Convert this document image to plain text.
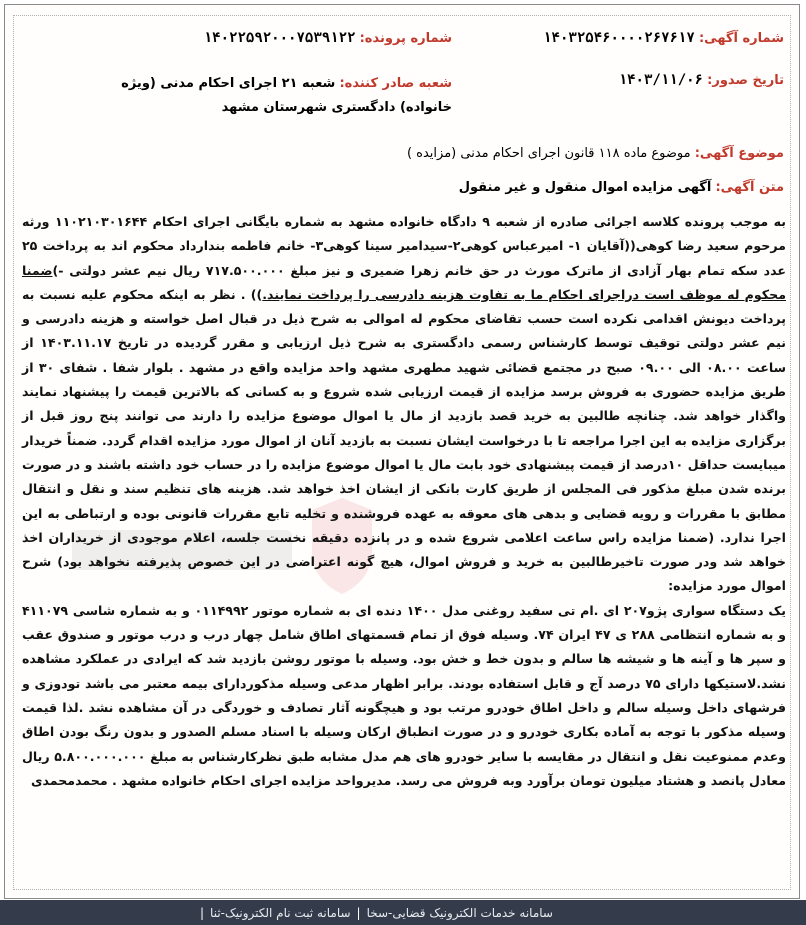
شماره آگهی: ۱۴۰۳۲۵۴۶۰۰۰۰۲۶۷۶۱۷
شماره پرونده: ۱۴۰۲۲۵۹۲۰۰۰۷۵۳۹۱۲۲
تاریخ صدور: ۱۴۰۳/۱۱/۰۶
شعبه صادر کننده: شعبه ۲۱ اجرای احکام مدنی (ویژه خانواده) دادگستری شهرستان مشهد
موضوع آگهی: موضوع ماده ۱۱۸ قانون اجرای احکام مدنی (مزایده )
متن آگهی: آگهی مزایده اموال منقول و غیر منقول

به موجب پرونده کلاسه اجرائی صادره از شعبه ۹ دادگاه خانواده مشهد به شماره بایگانی اجرای احکام ۱۱۰۲۱۰۳۰۱۶۴۴ ورثه مرحوم سعید رضا کوهی((آقایان ۱- امیرعباس کوهی۲-سیدامیر سینا کوهی۳- خانم فاطمه بندارداد محکوم اند به پرداخت ۲۵ عدد سکه تمام بهار آزادی از ماترک مورث در حق خانم زهرا ضمیری و نیز مبلغ ۷۱۷.۵۰۰.۰۰۰ ریال نیم عشر دولتی -)ضمنا محکوم له موظف است دراجرای احکام ما به تفاوت هزینه دادرسی را پرداخت نمایند.)) . نظر به اینکه محکوم علیه نسبت به پرداخت دیونش اقدامی نکرده است حسب تقاضای محکوم له اموالی به شرح ذیل در قبال اصل خواسته و هزینه دادرسی و نیم عشر دولتی توقیف توسط کارشناس رسمی دادگستری به شرح ذیل ارزیابی و مقرر گردیده در تاریخ ۱۴۰۳.۱۱.۱۷ از ساعت ۰۸.۰۰ الی ۰۹.۰۰ صبح در مجتمع قضائی شهید مطهری مشهد واحد مزایده واقع در مشهد . بلوار شفا . شفای ۳۰ از طریق مزایده حضوری به فروش برسد مزایده از قیمت ارزیابی شده شروع و به کسانی که بالاترین قیمت را پیشنهاد نمایند واگذار خواهد شد. چنانچه طالبین به خرید قصد بازدید از مال یا اموال موضوع مزایده را دارند می توانند پنج روز قبل از برگزاری مزایده به این اجرا مراجعه تا با درخواست ایشان نسبت به بازدید آنان از اموال مورد مزایده اقدام گردد. ضمناً خریدار میبایست حداقل ۱۰درصد از قیمت پیشنهادی خود بابت مال یا اموال موضوع مزایده را در حساب خود داشته باشند و در صورت برنده شدن مبلغ مذکور فی المجلس از طریق کارت بانکی از ایشان اخذ خواهد شد. هزینه های تنظیم سند و نقل و انتقال مطابق با مقررات و رویه قضایی و بدهی های معوقه به عهده فروشنده و تخلیه تابع مقررات قانونی بوده و ارتباطی به این اجرا ندارد. (ضمنا مزایده راس ساعت اعلامی شروع شده و در پانزده دقیقه نخست جلسه، اعلام موجودی از خریداران اخذ خواهد شد ودر صورت تاخیرطالبین به خرید و فروش اموال، هیچ گونه اعتراضی در این خصوص پذیرفته نخواهد بود) شرح اموال مورد مزایده:

یک دستگاه سواری پژو۲۰۷ ای .ام تی سفید روغنی مدل ۱۴۰۰ دنده ای به شماره موتور ۰۱۱۴۹۹۲ و به شماره شاسی ۴۱۱۰۷۹ و به شماره انتظامی ۲۸۸ ی ۴۷ ایران ۷۴. وسیله فوق از تمام قسمتهای اطاق شامل چهار درب و درب موتور و صندوق عقب و سپر ها و آینه ها و شیشه ها سالم و بدون خط و خش بود. وسیله با موتور روشن بازدید شد که ایرادی در عملکرد مشاهده نشد.لاستیکها دارای ۷۵ درصد آج و قابل استفاده بودند. برابر اظهار مدعی وسیله مذکوردارای بیمه معتبر می باشد تودوزی و فرشهای داخل وسیله سالم و داخل اطاق خودرو مرتب بود و هیچگونه آثار تصادف و خوردگی در آن مشاهده نشد .لذا قیمت وسیله مذکور با توجه به آماده بکاری خودرو و در صورت انطباق ارکان وسیله با اسناد مسلم الصدور و بدون رنگ بودن اطاق وعدم ممنوعیت نقل و انتقال در مقایسه با سایر خودرو های هم مدل مشابه طبق نظرکارشناس به مبلغ ۵.۸۰۰.۰۰۰.۰۰۰ ریال معادل پانصد و هشتاد میلیون تومان برآورد وبه فروش می رسد. مدیرواحد مزایده اجرای احکام خانواده مشهد . محمدمحمدی

سامانه خدمات الکترونیک قضایی-سخا
|
سامانه ثبت نام الکترونیک-ثنا
|
